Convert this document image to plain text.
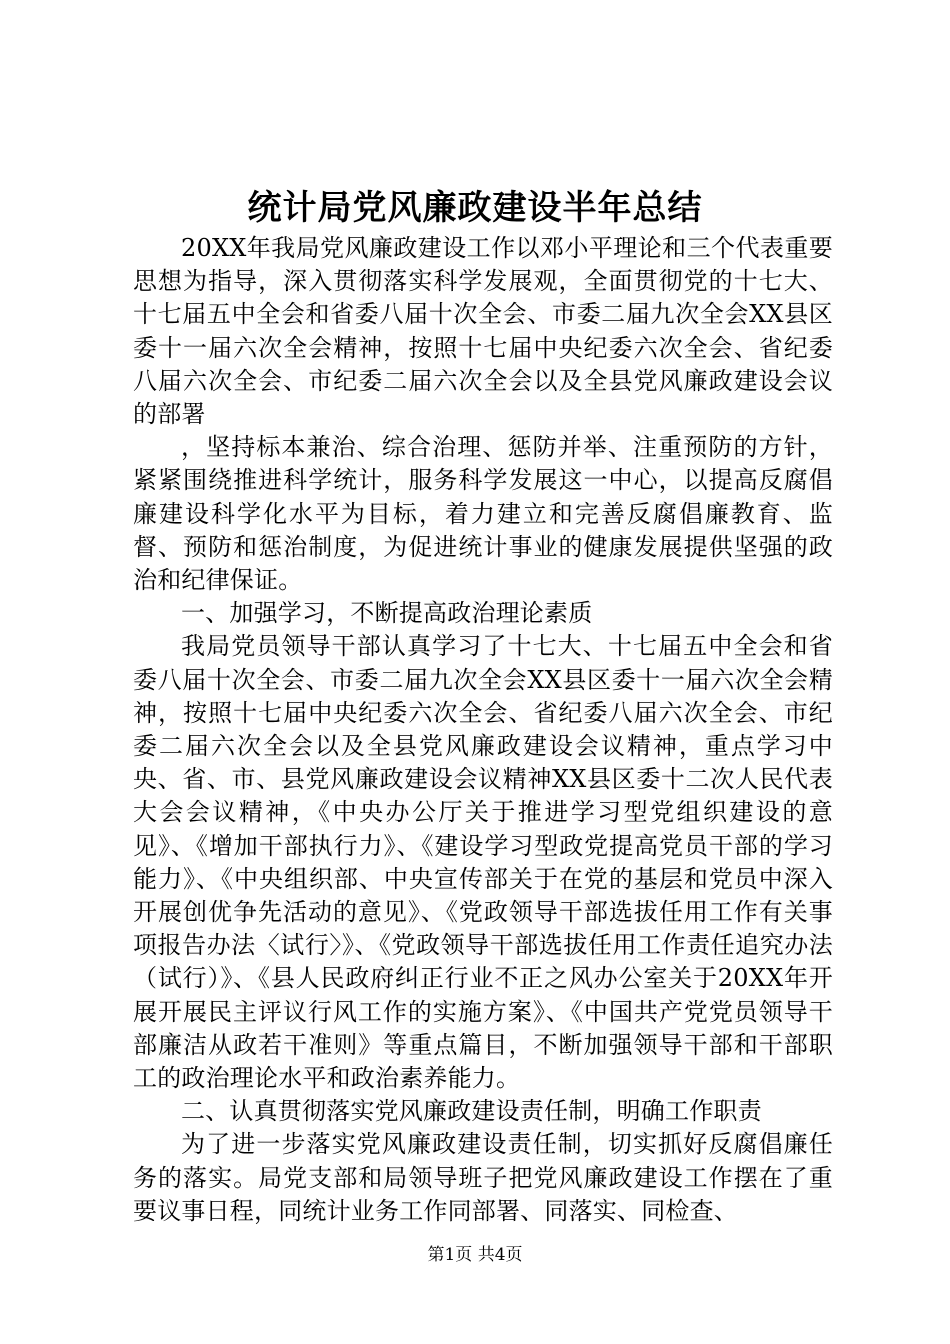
统计局党风廉政建设半年总结

20XX年我局党风廉政建设工作以邓小平理论和三个代表重要思想为指导，深入贯彻落实科学发展观，全面贯彻党的十七大、十七届五中全会和省委八届十次全会、市委二届九次全会XX县区委十一届六次全会精神，按照十七届中央纪委六次全会、省纪委八届六次全会、市纪委二届六次全会以及全县党风廉政建设会议的部署

，坚持标本兼治、综合治理、惩防并举、注重预防的方针，紧紧围绕推进科学统计，服务科学发展这一中心，以提高反腐倡廉建设科学化水平为目标，着力建立和完善反腐倡廉教育、监督、预防和惩治制度，为促进统计事业的健康发展提供坚强的政治和纪律保证。

一、加强学习，不断提高政治理论素质

我局党员领导干部认真学习了十七大、十七届五中全会和省委八届十次全会、市委二届九次全会XX县区委十一届六次全会精神，按照十七届中央纪委六次全会、省纪委八届六次全会、市纪委二届六次全会以及全县党风廉政建设会议精神，重点学习中央、省、市、县党风廉政建设会议精神XX县区委十二次人民代表大会会议精神，《中央办公厅关于推进学习型党组织建设的意见》、《增加干部执行力》、《建设学习型政党提高党员干部的学习能力》、《中央组织部、中央宣传部关于在党的基层和党员中深入开展创优争先活动的意见》、《党政领导干部选拔任用工作有关事项报告办法〈试行〉》、《党政领导干部选拔任用工作责任追究办法（试行）》、《县人民政府纠正行业不正之风办公室关于20XX年开展开展民主评议行风工作的实施方案》、《中国共产党党员领导干部廉洁从政若干准则》等重点篇目，不断加强领导干部和干部职工的政治理论水平和政治素养能力。

二、认真贯彻落实党风廉政建设责任制，明确工作职责

为了进一步落实党风廉政建设责任制，切实抓好反腐倡廉任务的落实。局党支部和局领导班子把党风廉政建设工作摆在了重要议事日程，同统计业务工作同部署、同落实、同检查、

第1页 共4页
